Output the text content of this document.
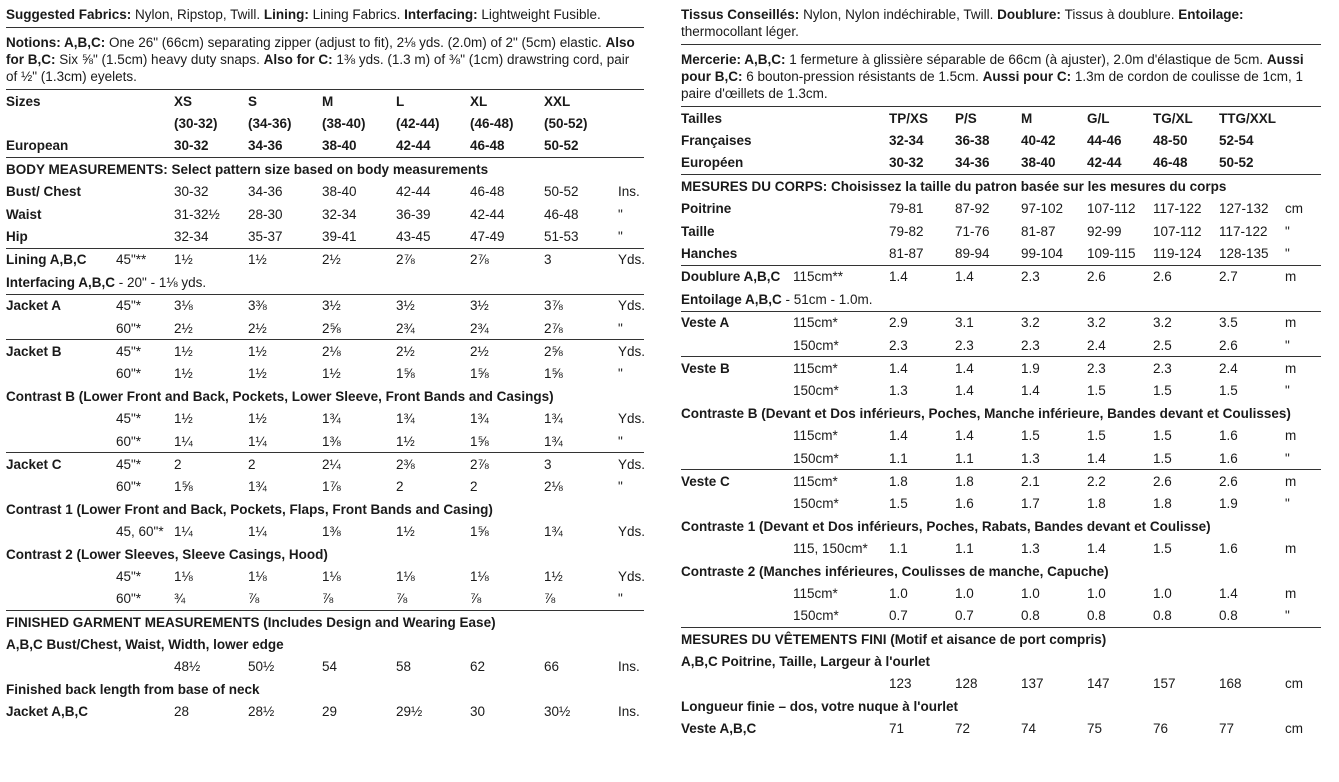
Suggested Fabrics: Nylon, Ripstop, Twill. Lining: Lining Fabrics. Interfacing: Lightweight Fusible.
Notions: A,B,C: One 26" (66cm) separating zipper (adjust to fit), 2⅛ yds. (2.0m) of 2" (5cm) elastic. Also for B,C: Six ⅝" (1.5cm) heavy duty snaps. Also for C: 1⅜ yds. (1.3 m) of ⅜" (1cm) drawstring cord, pair of ½" (1.3cm) eyelets.
Sizes		XS	S	M	L	XL	XXL	
		(30-32)	(34-36)	(38-40)	(42-44)	(46-48)	(50-52)	
European		30-32	34-36	38-40	42-44	46-48	50-52	
BODY MEASUREMENTS: Select pattern size based on body measurements								
Bust/ Chest		30-32	34-36	38-40	42-44	46-48	50-52	Ins.
Waist		31-32½	28-30	32-34	36-39	42-44	46-48	"
Hip		32-34	35-37	39-41	43-45	47-49	51-53	"
Lining A,B,C	45"**	1½	1½	2½	2⅞	2⅞	3	Yds.
Interfacing A,B,C - 20" - 1⅛ yds.								
Jacket A	45"*	3⅛	3⅜	3½	3½	3½	3⅞	Yds.
	60"*	2½	2½	2⅝	2¾	2¾	2⅞	"
Jacket B	45"*	1½	1½	2⅛	2½	2½	2⅝	Yds.
	60"*	1½	1½	1½	1⅝	1⅝	1⅝	"
Contrast B (Lower Front and Back, Pockets, Lower Sleeve, Front Bands and Casings)								
	45"*	1½	1½	1¾	1¾	1¾	1¾	Yds.
	60"*	1¼	1¼	1⅜	1½	1⅝	1¾	"
Jacket C	45"*	2	2	2¼	2⅜	2⅞	3	Yds.
	60"*	1⅝	1¾	1⅞	2	2	2⅛	"
Contrast 1 (Lower Front and Back, Pockets, Flaps, Front Bands and Casing)								
	45, 60"*	1¼	1¼	1⅜	1½	1⅝	1¾	Yds.
Contrast 2 (Lower Sleeves, Sleeve Casings, Hood)								
	45"*	1⅛	1⅛	1⅛	1⅛	1⅛	1½	Yds.
	60"*	¾	⅞	⅞	⅞	⅞	⅞	"
FINISHED GARMENT MEASUREMENTS (Includes Design and Wearing Ease)								
A,B,C Bust/Chest, Waist, Width, lower edge								
		48½	50½	54	58	62	66	Ins.
Finished back length from base of neck								
Jacket A,B,C		28	28½	29	29½	30	30½	Ins.
Tissus Conseillés: Nylon, Nylon indéchirable, Twill. Doublure: Tissus à doublure. Entoilage: thermocollant léger.
Mercerie: A,B,C: 1 fermeture à glissière séparable de 66cm (à ajuster), 2.0m d'élastique de 5cm. Aussi pour B,C: 6 bouton-pression résistants de 1.5cm. Aussi pour C: 1.3m de cordon de coulisse de 1cm, 1 paire d'œillets de 1.3cm.
Tailles		TP/XS	P/S	M	G/L	TG/XL	TTG/XXL	
Françaises		32-34	36-38	40-42	44-46	48-50	52-54	
Européen		30-32	34-36	38-40	42-44	46-48	50-52	
MESURES DU CORPS: Choisissez la taille du patron basée sur les mesures du corps								
Poitrine		79-81	87-92	97-102	107-112	117-122	127-132	cm
Taille		79-82	71-76	81-87	92-99	107-112	117-122	"
Hanches		81-87	89-94	99-104	109-115	119-124	128-135	"
Doublure A,B,C	115cm**	1.4	1.4	2.3	2.6	2.6	2.7	m
Entoilage A,B,C - 51cm - 1.0m.								
Veste A	115cm*	2.9	3.1	3.2	3.2	3.2	3.5	m
	150cm*	2.3	2.3	2.3	2.4	2.5	2.6	"
Veste B	115cm*	1.4	1.4	1.9	2.3	2.3	2.4	m
	150cm*	1.3	1.4	1.4	1.5	1.5	1.5	"
Contraste B (Devant et Dos inférieurs, Poches, Manche inférieure, Bandes devant et Coulisses)								
	115cm*	1.4	1.4	1.5	1.5	1.5	1.6	m
	150cm*	1.1	1.1	1.3	1.4	1.5	1.6	"
Veste C	115cm*	1.8	1.8	2.1	2.2	2.6	2.6	m
	150cm*	1.5	1.6	1.7	1.8	1.8	1.9	"
Contraste 1 (Devant et Dos inférieurs, Poches, Rabats, Bandes devant et Coulisse)								
	115, 150cm*	1.1	1.1	1.3	1.4	1.5	1.6	m
Contraste 2 (Manches inférieures, Coulisses de manche, Capuche)								
	115cm*	1.0	1.0	1.0	1.0	1.0	1.4	m
	150cm*	0.7	0.7	0.8	0.8	0.8	0.8	"
MESURES DU VÊTEMENTS FINI (Motif et aisance de port compris)								
A,B,C Poitrine, Taille, Largeur à l'ourlet								
		123	128	137	147	157	168	cm
Longueur finie – dos, votre nuque à l'ourlet								
Veste A,B,C		71	72	74	75	76	77	cm
